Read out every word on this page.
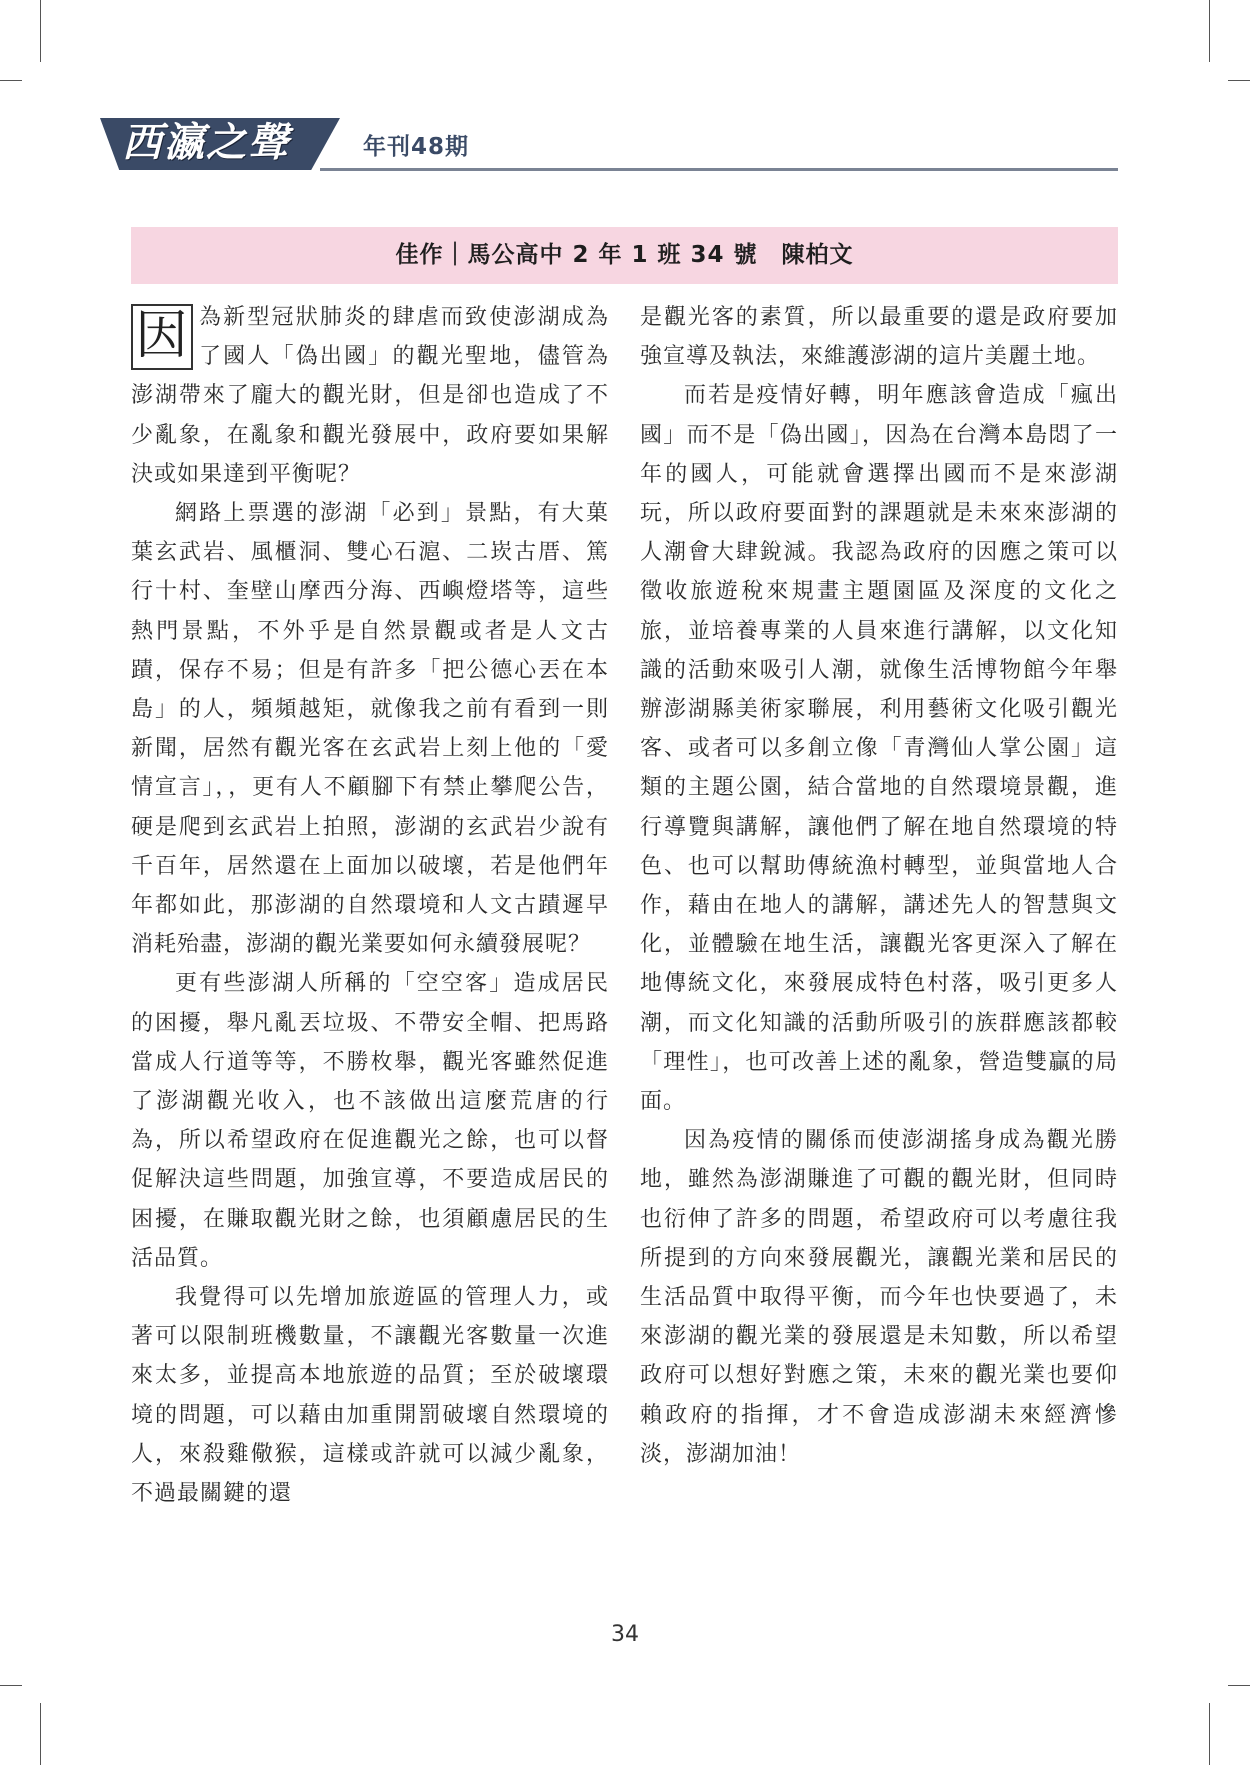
西瀛之聲	年刊48期
佳作｜馬公高中 2 年 1 班 34 號　陳柏文

因 為新型冠狀肺炎的肆虐而致使澎湖成為了國人「偽出國」的觀光聖地，儘管為澎湖帶來了龐大的觀光財，但是卻也造成了不少亂象，在亂象和觀光發展中，政府要如果解決或如果達到平衡呢？

網路上票選的澎湖「必到」景點，有大菓葉玄武岩、風櫃洞、雙心石滬、二崁古厝、篤行十村、奎壁山摩西分海、西嶼燈塔等，這些熱門景點，不外乎是自然景觀或者是人文古蹟，保存不易；但是有許多「把公德心丟在本島」的人，頻頻越矩，就像我之前有看到一則新聞，居然有觀光客在玄武岩上刻上他的「愛情宣言」，，更有人不顧腳下有禁止攀爬公告，硬是爬到玄武岩上拍照，澎湖的玄武岩少說有千百年，居然還在上面加以破壞，若是他們年年都如此，那澎湖的自然環境和人文古蹟遲早消耗殆盡，澎湖的觀光業要如何永續發展呢？

更有些澎湖人所稱的「空空客」造成居民的困擾，舉凡亂丟垃圾、不帶安全帽、把馬路當成人行道等等，不勝枚舉，觀光客雖然促進了澎湖觀光收入，也不該做出這麼荒唐的行為，所以希望政府在促進觀光之餘，也可以督促解決這些問題，加強宣導，不要造成居民的困擾，在賺取觀光財之餘，也須顧慮居民的生活品質。

我覺得可以先增加旅遊區的管理人力，或著可以限制班機數量，不讓觀光客數量一次進來太多，並提高本地旅遊的品質；至於破壞環境的問題，可以藉由加重開罰破壞自然環境的人，來殺雞儆猴，這樣或許就可以減少亂象，不過最關鍵的還

是觀光客的素質，所以最重要的還是政府要加強宣導及執法，來維護澎湖的這片美麗土地。

而若是疫情好轉，明年應該會造成「瘋出國」而不是「偽出國」，因為在台灣本島悶了一年的國人，可能就會選擇出國而不是來澎湖玩，所以政府要面對的課題就是未來來澎湖的人潮會大肆銳減。我認為政府的因應之策可以徵收旅遊稅來規畫主題園區及深度的文化之旅，並培養專業的人員來進行講解，以文化知識的活動來吸引人潮，就像生活博物館今年舉辦澎湖縣美術家聯展，利用藝術文化吸引觀光客、或者可以多創立像「青灣仙人掌公園」這類的主題公園，結合當地的自然環境景觀，進行導覽與講解，讓他們了解在地自然環境的特色、也可以幫助傳統漁村轉型，並與當地人合作，藉由在地人的講解，講述先人的智慧與文化，並體驗在地生活，讓觀光客更深入了解在地傳統文化，來發展成特色村落，吸引更多人潮，而文化知識的活動所吸引的族群應該都較「理性」，也可改善上述的亂象，營造雙贏的局面。

因為疫情的關係而使澎湖搖身成為觀光勝地，雖然為澎湖賺進了可觀的觀光財，但同時也衍伸了許多的問題，希望政府可以考慮往我所提到的方向來發展觀光，讓觀光業和居民的生活品質中取得平衡，而今年也快要過了，未來澎湖的觀光業的發展還是未知數，所以希望政府可以想好對應之策，未來的觀光業也要仰賴政府的指揮，才不會造成澎湖未來經濟慘淡，澎湖加油！

34
